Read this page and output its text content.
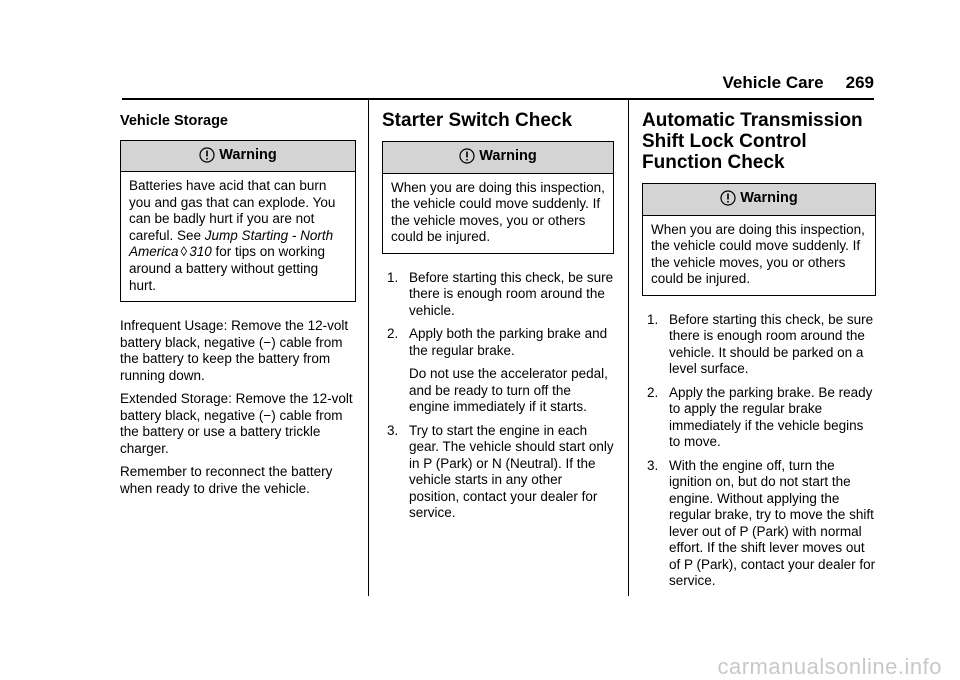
Vehicle Care 269
Vehicle Storage
Warning
Batteries have acid that can burn you and gas that can explode. You can be badly hurt if you are not careful. See Jump Starting - North America ◊ 310 for tips on working around a battery without getting hurt.

Infrequent Usage: Remove the 12-volt battery black, negative (−) cable from the battery to keep the battery from running down.

Extended Storage: Remove the 12-volt battery black, negative (−) cable from the battery or use a battery trickle charger.

Remember to reconnect the battery when ready to drive the vehicle.

Starter Switch Check
Warning
When you are doing this inspection, the vehicle could move suddenly. If the vehicle moves, you or others could be injured.
1. Before starting this check, be sure there is enough room around the vehicle.

2. Apply both the parking brake and the regular brake.

Do not use the accelerator pedal, and be ready to turn off the engine immediately if it starts.

3. Try to start the engine in each gear. The vehicle should start only in P (Park) or N (Neutral). If the vehicle starts in any other position, contact your dealer for service.

Automatic Transmission Shift Lock Control Function Check
Warning
When you are doing this inspection, the vehicle could move suddenly. If the vehicle moves, you or others could be injured.
1. Before starting this check, be sure there is enough room around the vehicle. It should be parked on a level surface.

2. Apply the parking brake. Be ready to apply the regular brake immediately if the vehicle begins to move.

3. With the engine off, turn the ignition on, but do not start the engine. Without applying the regular brake, try to move the shift lever out of P (Park) with normal effort. If the shift lever moves out of P (Park), contact your dealer for service.

carmanualsonline.info
